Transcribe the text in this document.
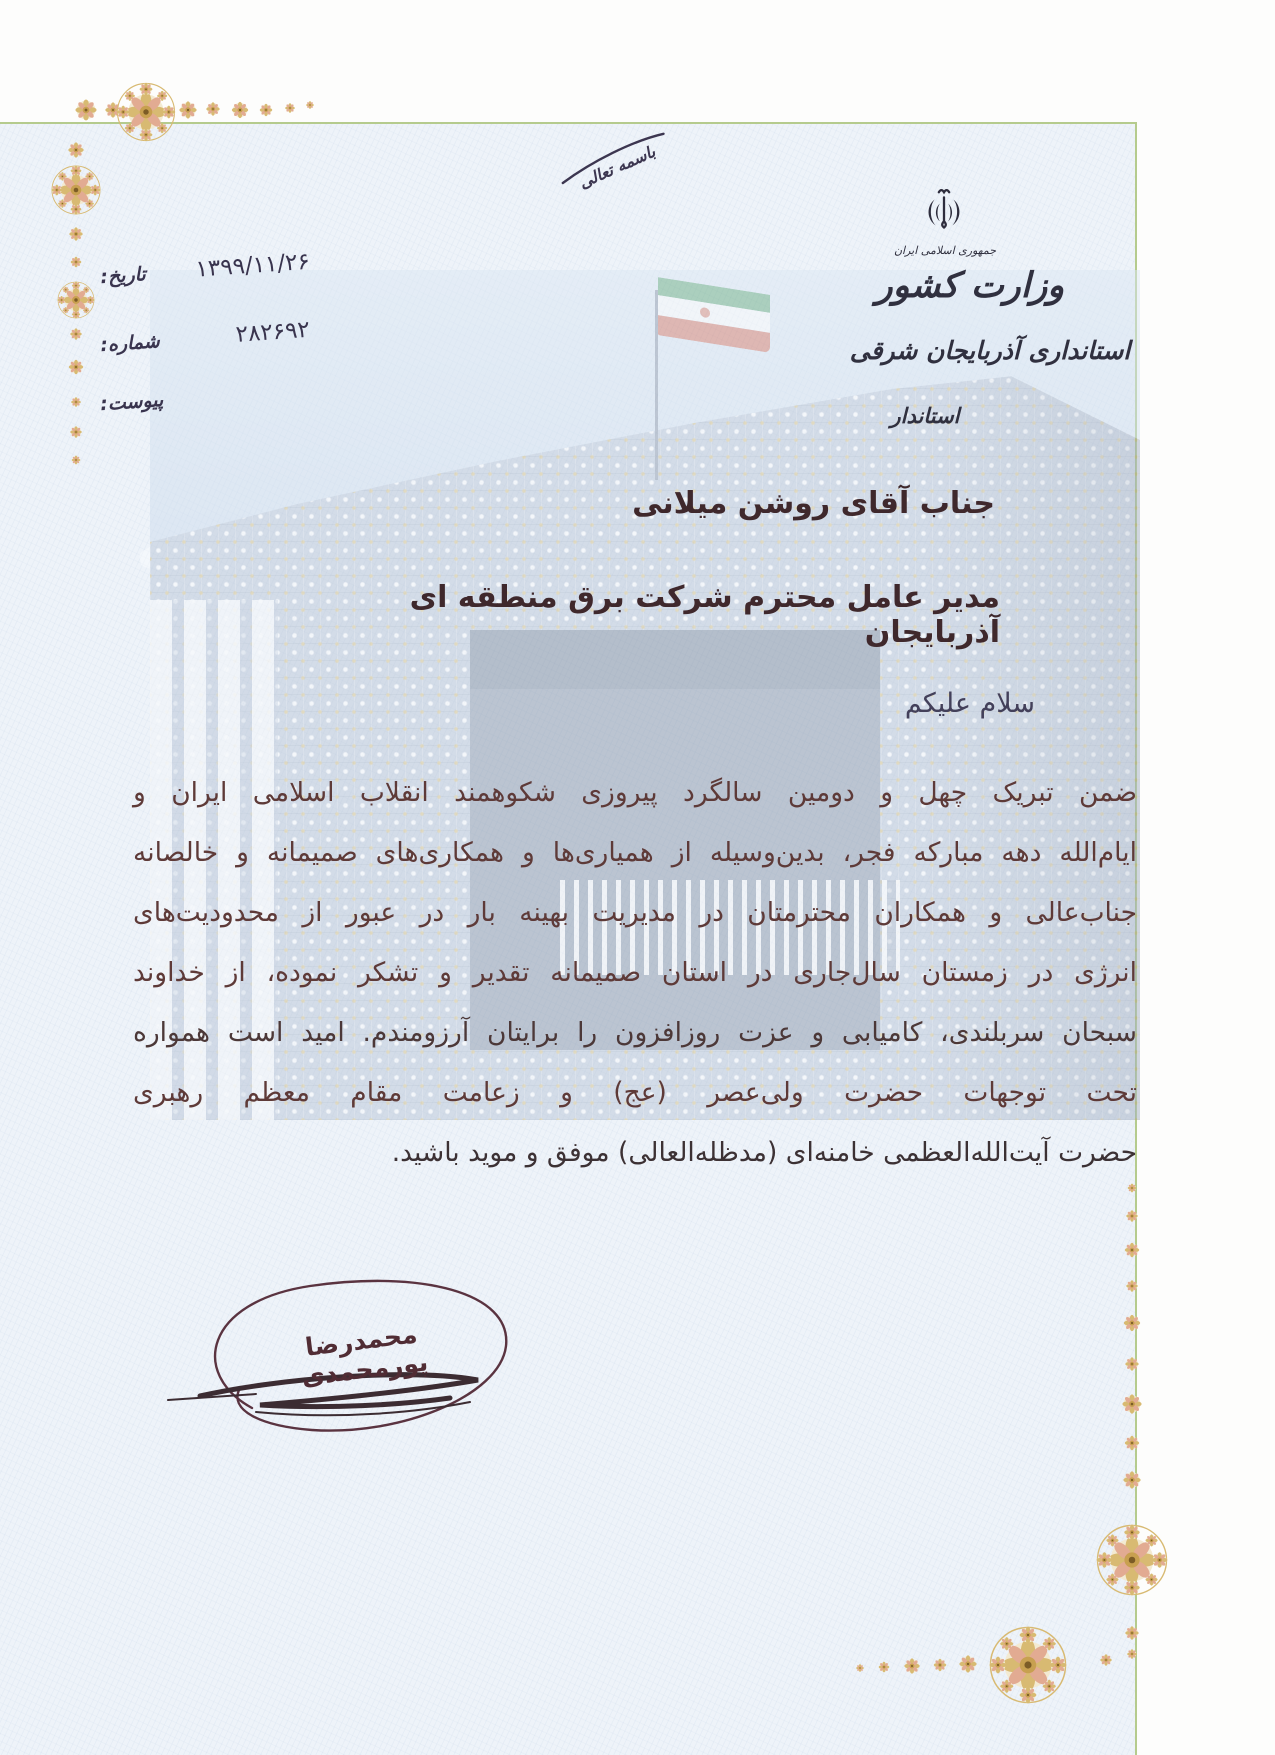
باسمه تعالی
جمهوری اسلامی ایران
وزارت کشور
استانداری آذربایجان شرقی
استاندار
تاریخ: ۱۳۹۹/۱۱/۲۶
شماره:	۲۸۲۶۹۲
پیوست:
جناب آقای روشن میلانی
مدیر عامل محترم شرکت برق منطقه ای آذربایجان
سلام علیکم
ضمن تبریک چهل و دومین سالگرد پیروزی شکوهمند انقلاب اسلامی ایران و
ایام‌الله دهه مبارکه فجر، بدین‌وسیله از همیاری‌ها و همکاری‌های صمیمانه و خالصانه
جناب‌عالی و همکاران محترمتان در مدیریت بهینه بار در عبور از محدودیت‌های
انرژی در زمستان سال‌جاری در استان صمیمانه تقدیر و تشکر نموده، از خداوند
سبحان سربلندی، کامیابی و عزت روزافزون را برایتان آرزومندم. امید است همواره
تحت توجهات حضرت ولی‌عصر (عج) و زعامت مقام معظم رهبری
حضرت آیت‌الله‌العظمی خامنه‌ای (مدظله‌العالی) موفق و موید باشید.
محمدرضا پورمحمدی
